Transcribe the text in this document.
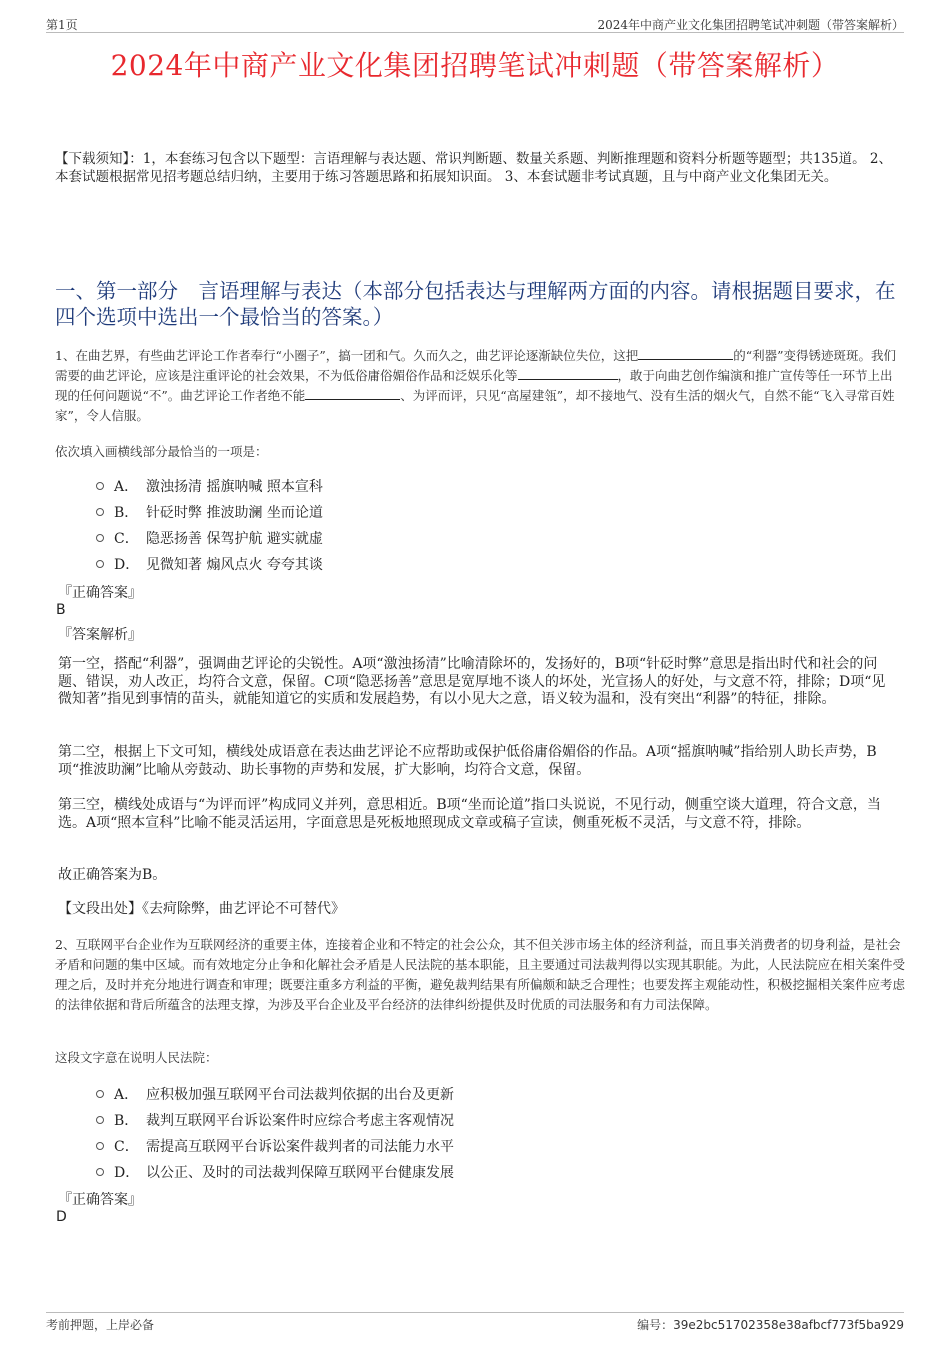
第1页	2024年中商产业文化集团招聘笔试冲刺题（带答案解析）
2024年中商产业文化集团招聘笔试冲刺题（带答案解析）
【下载须知】：1，本套练习包含以下题型：言语理解与表达题、常识判断题、数量关系题、判断推理题和资料分析题等题型；共135道。 2、本套试题根据常见招考题总结归纳，主要用于练习答题思路和拓展知识面。 3、本套试题非考试真题，且与中商产业文化集团无关。
一、第一部分　言语理解与表达（本部分包括表达与理解两方面的内容。请根据题目要求，在四个选项中选出一个最恰当的答案。）
1、在曲艺界，有些曲艺评论工作者奉行“小圈子”，搞一团和气。久而久之，曲艺评论逐渐缺位失位，这把	的“利器”变得锈迹斑斑。我们需要的曲艺评论，应该是注重评论的社会效果，不为低俗庸俗媚俗作品和泛娱乐化等	，敢于向曲艺创作编演和推广宣传等任一环节上出现的任何问题说“不”。曲艺评论工作者绝不能	、为评而评，只见“高屋建瓴”，却不接地气、没有生活的烟火气，自然不能“飞入寻常百姓家”，令人信服。
依次填入画横线部分最恰当的一项是：
A． 激浊扬清 摇旗呐喊 照本宣科
B． 针砭时弊 推波助澜 坐而论道
C． 隐恶扬善 保驾护航 避实就虚
D． 见微知著 煽风点火 夸夸其谈
『正确答案』
B
『答案解析』
第一空，搭配“利器”，强调曲艺评论的尖锐性。A项“激浊扬清”比喻清除坏的，发扬好的，B项“针砭时弊”意思是指出时代和社会的问题、错误，劝人改正，均符合文意，保留。C项“隐恶扬善”意思是宽厚地不谈人的坏处，光宣扬人的好处，与文意不符，排除；D项“见微知著”指见到事情的苗头，就能知道它的实质和发展趋势，有以小见大之意，语义较为温和，没有突出“利器”的特征，排除。
第二空，根据上下文可知，横线处成语意在表达曲艺评论不应帮助或保护低俗庸俗媚俗的作品。A项“摇旗呐喊”指给别人助长声势，B项“推波助澜”比喻从旁鼓动、助长事物的声势和发展，扩大影响，均符合文意，保留。
第三空，横线处成语与“为评而评”构成同义并列，意思相近。B项“坐而论道”指口头说说，不见行动，侧重空谈大道理，符合文意，当选。A项“照本宣科”比喻不能灵活运用，字面意思是死板地照现成文章或稿子宣读，侧重死板不灵活，与文意不符，排除。
故正确答案为B。
【文段出处】《去疴除弊，曲艺评论不可替代》
2、互联网平台企业作为互联网经济的重要主体，连接着企业和不特定的社会公众，其不但关涉市场主体的经济利益，而且事关消费者的切身利益，是社会矛盾和问题的集中区域。而有效地定分止争和化解社会矛盾是人民法院的基本职能，且主要通过司法裁判得以实现其职能。为此，人民法院应在相关案件受理之后，及时并充分地进行调查和审理；既要注重多方利益的平衡，避免裁判结果有所偏颇和缺乏合理性；也要发挥主观能动性，积极挖掘相关案件应考虑的法律依据和背后所蕴含的法理支撑，为涉及平台企业及平台经济的法律纠纷提供及时优质的司法服务和有力司法保障。
这段文字意在说明人民法院：
A． 应积极加强互联网平台司法裁判依据的出台及更新
B． 裁判互联网平台诉讼案件时应综合考虑主客观情况
C． 需提高互联网平台诉讼案件裁判者的司法能力水平
D． 以公正、及时的司法裁判保障互联网平台健康发展
『正确答案』
D
考前押题，上岸必备	编号：39e2bc51702358e38afbcf773f5ba929
